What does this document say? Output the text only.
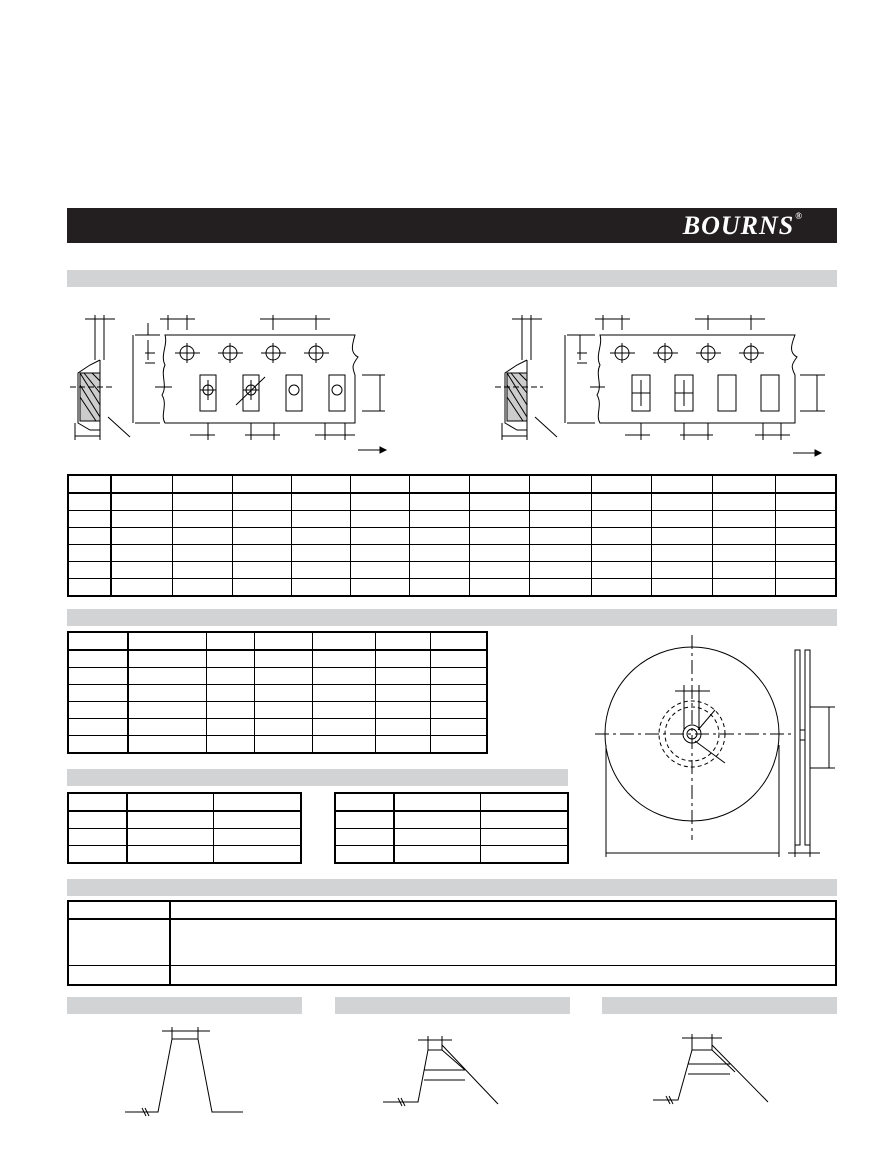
BOURNS®
